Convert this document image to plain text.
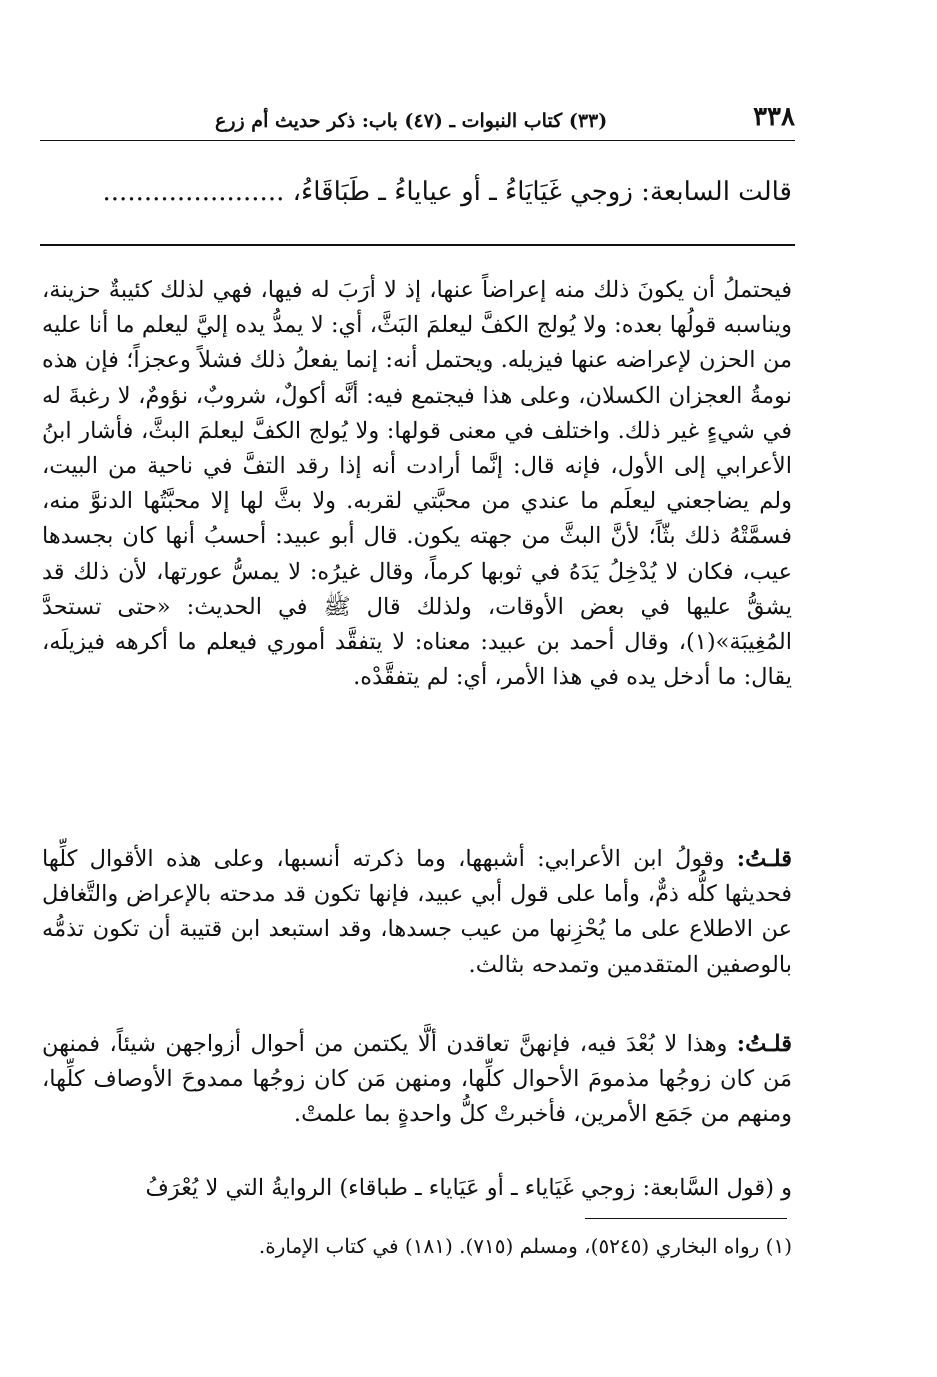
٣٣٨
(٣٣) كتاب النبوات ـ (٤٧) باب: ذكر حديث أم زرع
قالت السابعة: زوجي غَيَايَاءُ ـ أو عياياءُ ـ طَبَاقَاءُ، ......................

فيحتملُ أن يكونَ ذلك منه إعراضاً عنها، إذ لا أرَبَ له فيها، فهي لذلك كئيبةٌ حزينة، ويناسبه قولُها بعده: ولا يُولج الكفَّ ليعلمَ البَثَّ، أي: لا يمدُّ يده إليَّ ليعلم ما أنا عليه من الحزن لإعراضه عنها فيزيله. ويحتمل أنه: إنما يفعلُ ذلك فشلاً وعجزاً؛ فإن هذه نومةُ العجزان الكسلان، وعلى هذا فيجتمع فيه: أنَّه أكولٌ، شروبٌ، نؤومٌ، لا رغبةَ له في شيءٍ غير ذلك. واختلف في معنى قولها: ولا يُولج الكفَّ ليعلمَ البثَّ، فأشار ابنُ الأعرابي إلى الأول، فإنه قال: إنَّما أرادت أنه إذا رقد التفَّ في ناحية من البيت، ولم يضاجعني ليعلَم ما عندي من محبَّتي لقربه. ولا بثَّ لها إلا محبَّتُها الدنوَّ منه، فسمَّتْهُ ذلك بثّاً؛ لأنَّ البثَّ من جهته يكون. قال أبو عبيد: أحسبُ أنها كان بجسدها عيب، فكان لا يُدْخِلُ يَدَهُ في ثوبها كرماً، وقال غيرُه: لا يمسُّ عورتها، لأن ذلك قد يشقُّ عليها في بعض الأوقات، ولذلك قال ﷺ في الحديث: «حتى تستحدَّ المُغِيبَة»(١)، وقال أحمد بن عبيد: معناه: لا يتفقَّد أموري فيعلم ما أكرهه فيزيلَه، يقال: ما أدخل يده في هذا الأمر، أي: لم يتفقَّدْه.

قلـتُ: وقولُ ابن الأعرابي: أشبهها، وما ذكرته أنسبها، وعلى هذه الأقوال كلِّها فحديثها كلُّه ذمٌّ، وأما على قول أبي عبيد، فإنها تكون قد مدحته بالإعراض والتَّغافل عن الاطلاع على ما يُحْزِنها من عيب جسدها، وقد استبعد ابن قتيبة أن تكون تذمُّه بالوصفين المتقدمين وتمدحه بثالث.

قلـتُ: وهذا لا بُعْدَ فيه، فإنهنَّ تعاقدن ألَّا يكتمن من أحوال أزواجهن شيئاً، فمنهن مَن كان زوجُها مذمومَ الأحوال كلِّها، ومنهن مَن كان زوجُها ممدوحَ الأوصاف كلِّها، ومنهم من جَمَع الأمرين، فأخبرتْ كلُّ واحدةٍ بما علمتْ.

و (قول السَّابعة: زوجي غَيَاياء ـ أو عَيَاياء ـ طباقاء) الروايةُ التي لا يُعْرَفُ

(١) رواه البخاري (٥٢٤٥)، ومسلم (٧١٥). (١٨١) في كتاب الإمارة.
